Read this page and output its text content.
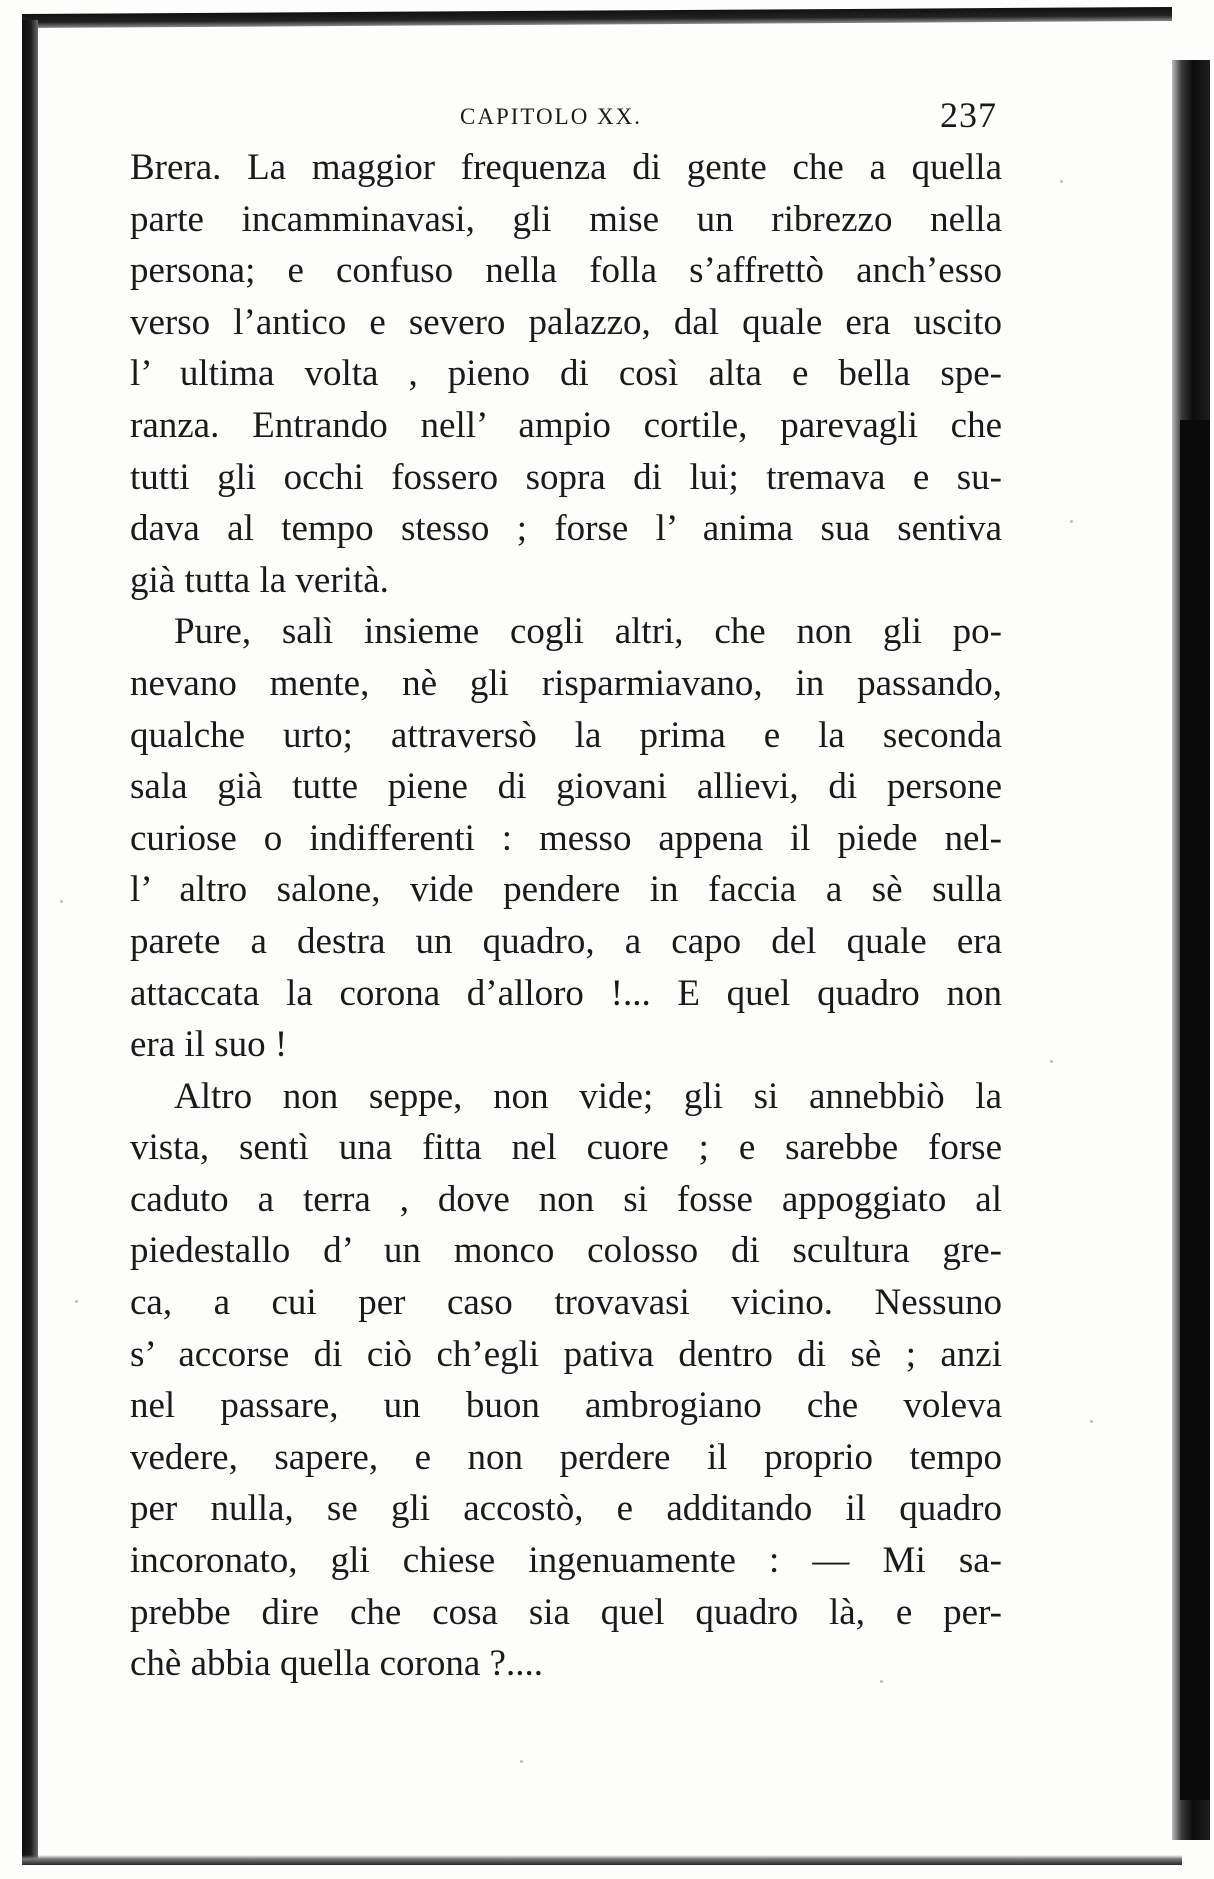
CAPITOLO XX.	237
Brera. La maggior frequenza di gente che a quella
parte incamminavasi, gli mise un ribrezzo nella
persona; e confuso nella folla s’affrettò anch’esso
verso l’antico e severo palazzo, dal quale era uscito
l’ ultima volta , pieno di così alta e bella spe-
ranza. Entrando nell’ ampio cortile, parevagli che
tutti gli occhi fossero sopra di lui; tremava e su-
dava al tempo stesso ; forse l’ anima sua sentiva
già tutta la verità.
Pure, salì insieme cogli altri, che non gli po-
nevano mente, nè gli risparmiavano, in passando,
qualche urto; attraversò la prima e la seconda
sala già tutte piene di giovani allievi, di persone
curiose o indifferenti : messo appena il piede nel-
l’ altro salone, vide pendere in faccia a sè sulla
parete a destra un quadro, a capo del quale era
attaccata la corona d’alloro !... E quel quadro non
era il suo !
Altro non seppe, non vide; gli si annebbiò la
vista, sentì una fitta nel cuore ; e sarebbe forse
caduto a terra , dove non si fosse appoggiato al
piedestallo d’ un monco colosso di scultura gre-
ca, a cui per caso trovavasi vicino. Nessuno
s’ accorse di ciò ch’egli pativa dentro di sè ; anzi
nel passare, un buon ambrogiano che voleva
vedere, sapere, e non perdere il proprio tempo
per nulla, se gli accostò, e additando il quadro
incoronato, gli chiese ingenuamente : — Mi sa-
prebbe dire che cosa sia quel quadro là, e per-
chè abbia quella corona ?....
